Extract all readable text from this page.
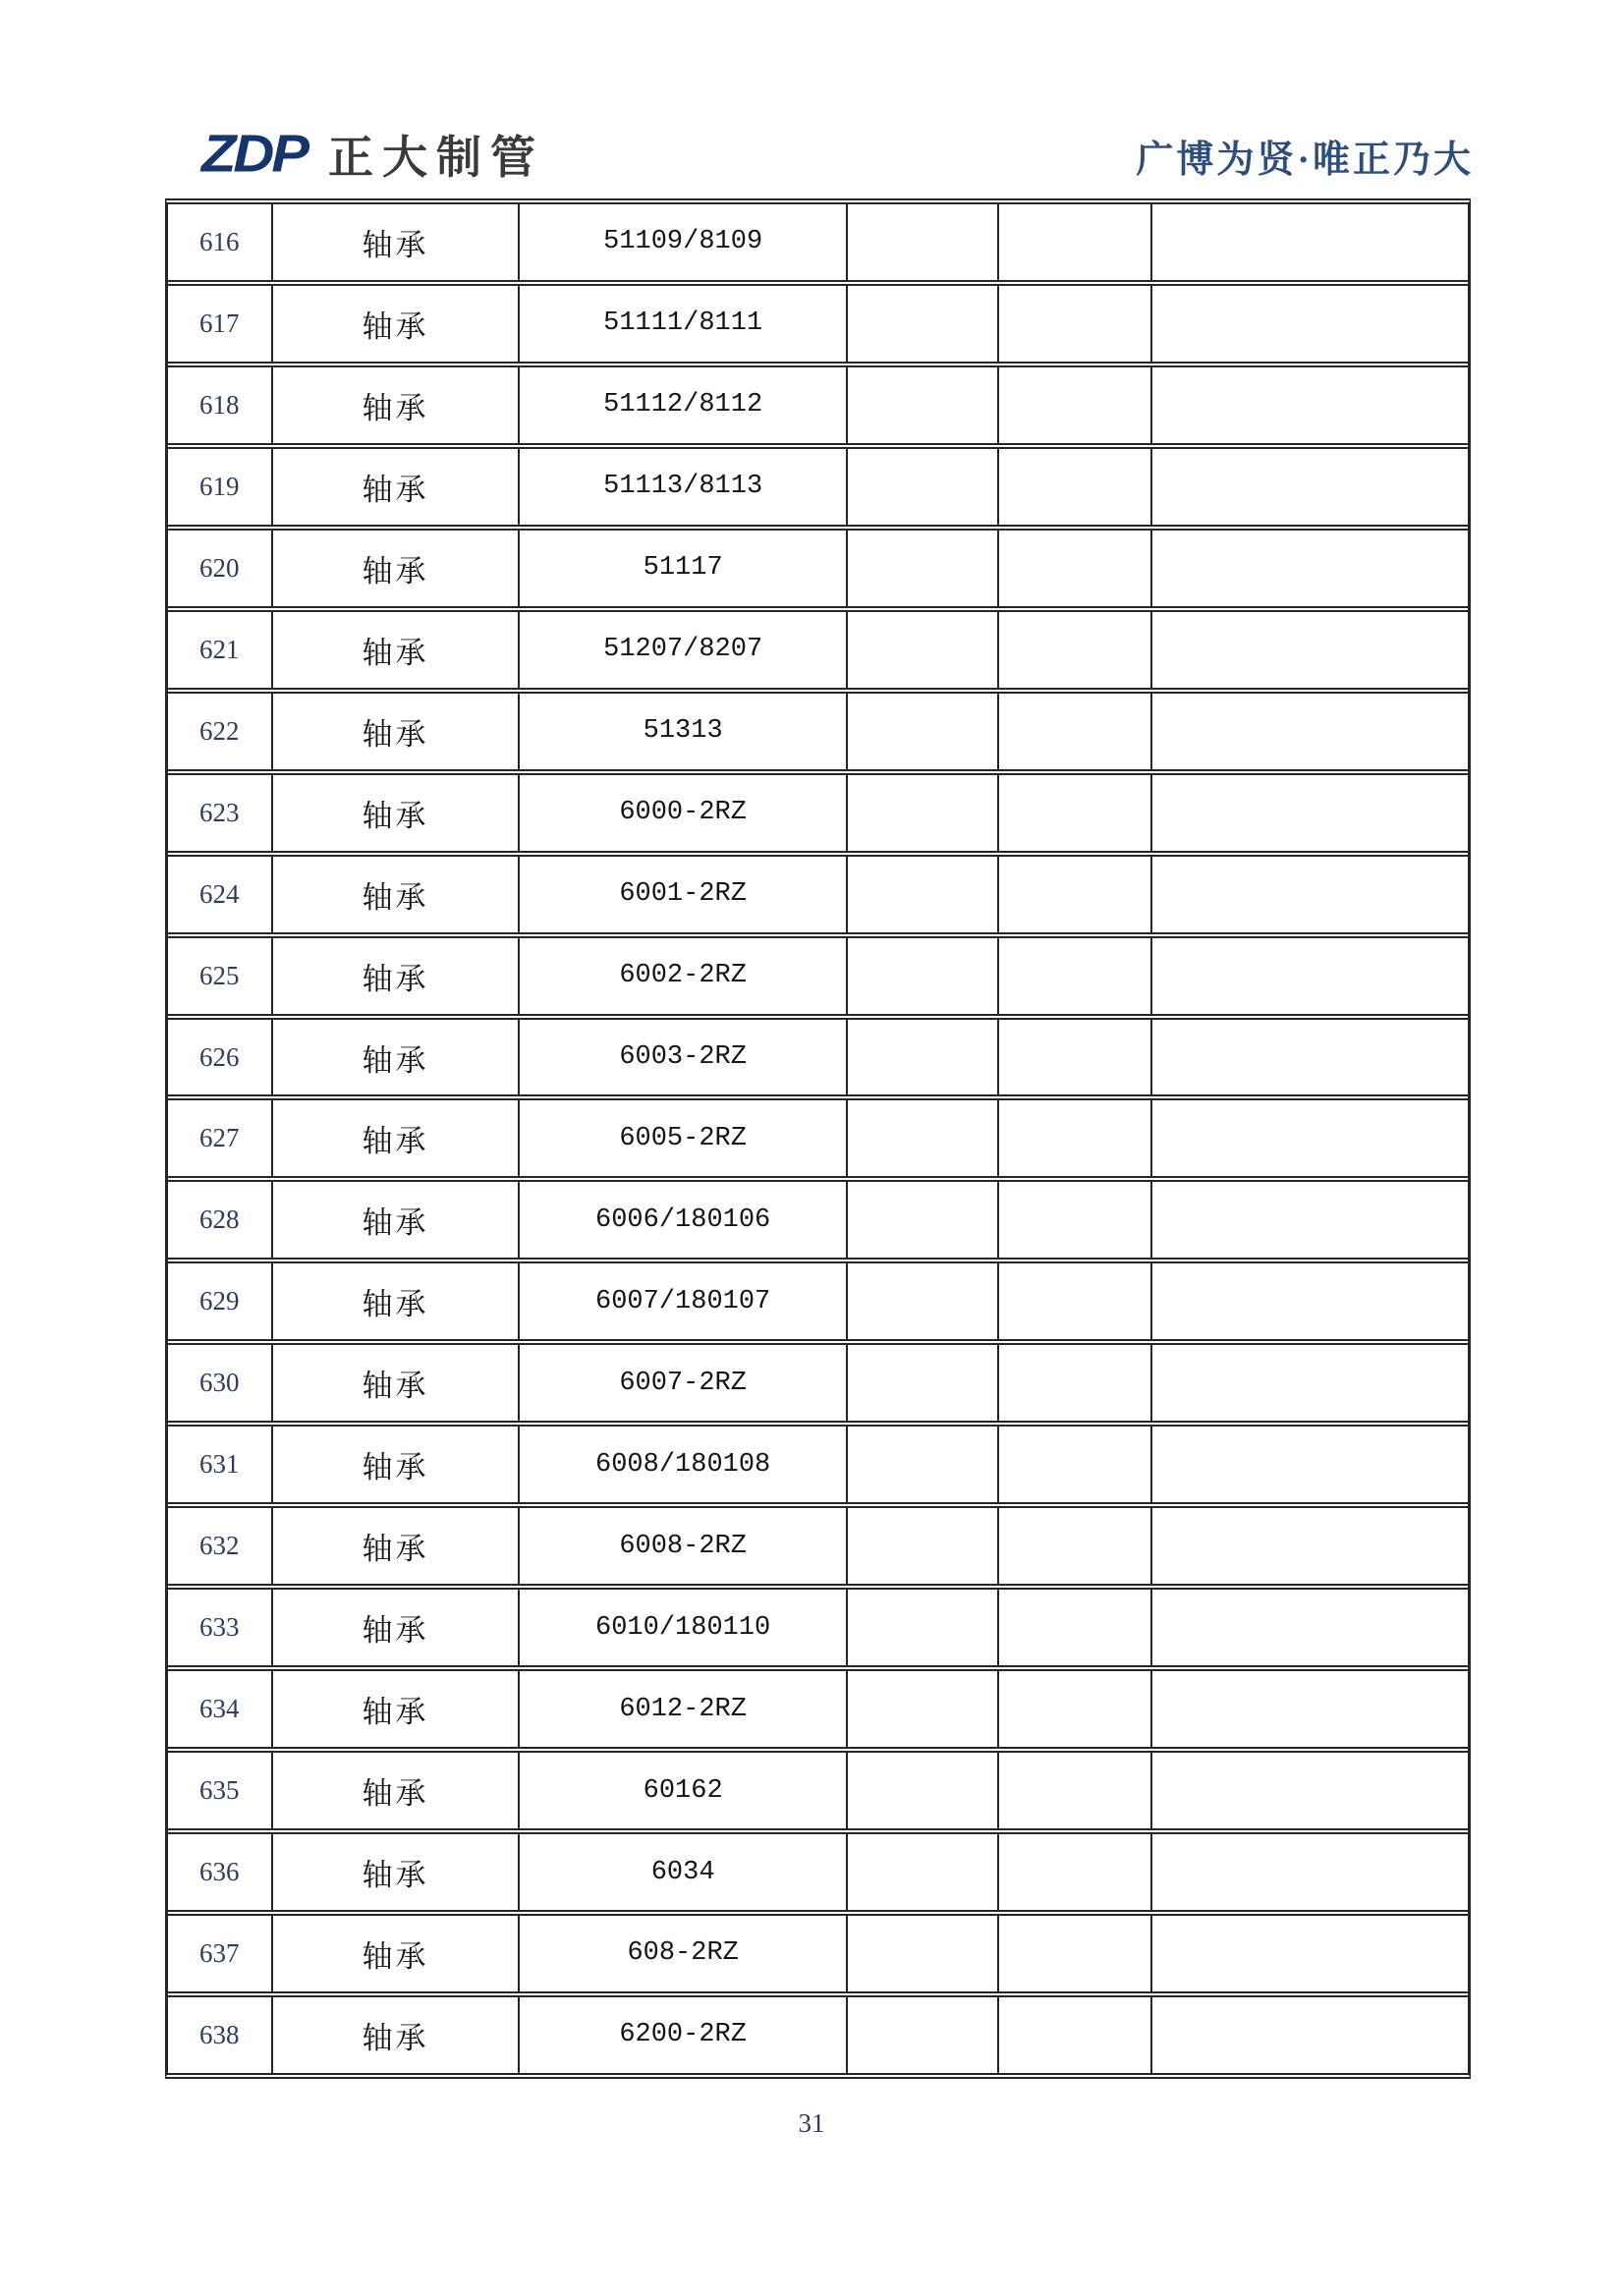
ZDP 正大制管	广博为贤·唯正乃大
616	轴承	51109/8109
617	轴承	51111/8111
618	轴承	51112/8112
619	轴承	51113/8113
620	轴承	51117
621	轴承	51207/8207
622	轴承	51313
623	轴承	6000-2RZ
624	轴承	6001-2RZ
625	轴承	6002-2RZ
626	轴承	6003-2RZ
627	轴承	6005-2RZ
628	轴承	6006/180106
629	轴承	6007/180107
630	轴承	6007-2RZ
631	轴承	6008/180108
632	轴承	6008-2RZ
633	轴承	6010/180110
634	轴承	6012-2RZ
635	轴承	60162
636	轴承	6034
637	轴承	608-2RZ
638	轴承	6200-2RZ
31
